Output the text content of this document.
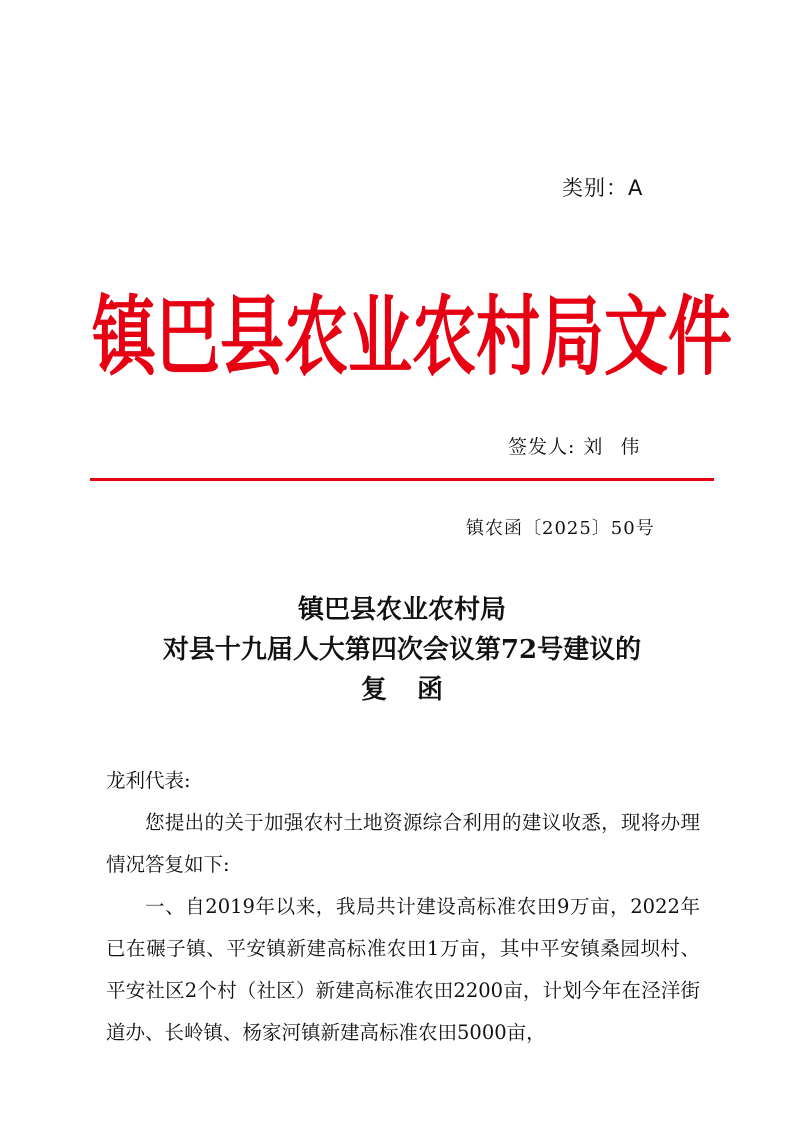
类别：A
镇巴县农业农村局文件
签发人: 刘伟
镇农函〔2025〕50号
镇巴县农业农村局
对县十九届人大第四次会议第72号建议的
复函

龙利代表:

您提出的关于加强农村土地资源综合利用的建议收悉，现将办理情况答复如下:

一、自2019年以来，我局共计建设高标准农田9万亩，2022年已在碾子镇、平安镇新建高标准农田1万亩，其中平安镇桑园坝村、平安社区2个村（社区）新建高标准农田2200亩，计划今年在泾洋街道办、长岭镇、杨家河镇新建高标准农田5000亩，
